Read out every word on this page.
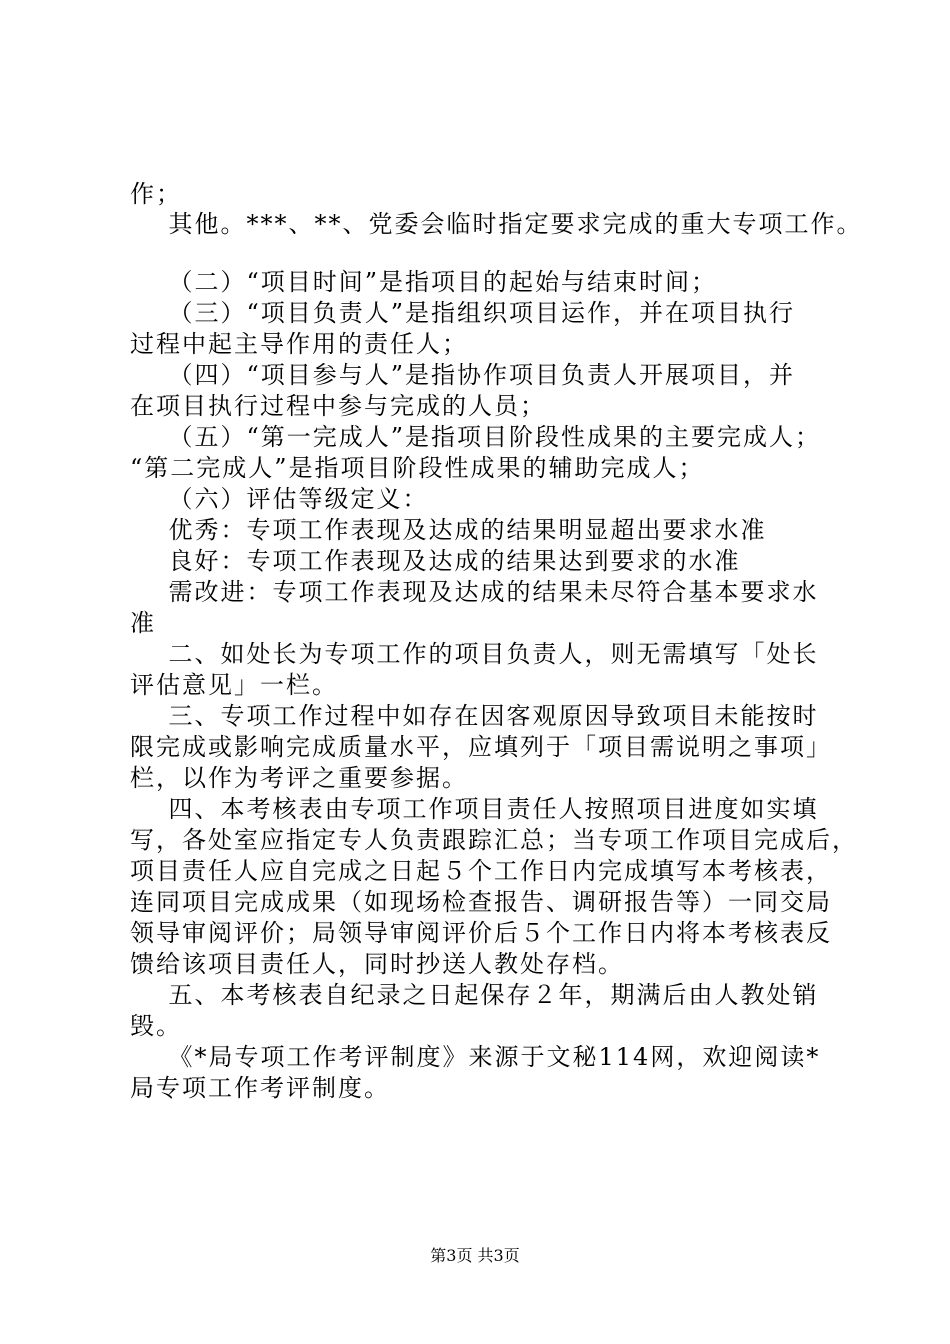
作；
其他。***、**、党委会临时指定要求完成的重大专项工作。
（二）“项目时间”是指项目的起始与结束时间；
（三）“项目负责人”是指组织项目运作，并在项目执行
过程中起主导作用的责任人；
（四）“项目参与人”是指协作项目负责人开展项目，并
在项目执行过程中参与完成的人员；
（五）“第一完成人”是指项目阶段性成果的主要完成人；
“第二完成人”是指项目阶段性成果的辅助完成人；
（六）评估等级定义：
优秀：专项工作表现及达成的结果明显超出要求水准
良好：专项工作表现及达成的结果达到要求的水准
需改进：专项工作表现及达成的结果未尽符合基本要求水
准
二、如处长为专项工作的项目负责人，则无需填写「处长
评估意见」一栏。
三、专项工作过程中如存在因客观原因导致项目未能按时
限完成或影响完成质量水平，应填列于「项目需说明之事项」
栏，以作为考评之重要参据。
四、本考核表由专项工作项目责任人按照项目进度如实填
写，各处室应指定专人负责跟踪汇总；当专项工作项目完成后，
项目责任人应自完成之日起５个工作日内完成填写本考核表，
连同项目完成成果（如现场检查报告、调研报告等）一同交局
领导审阅评价；局领导审阅评价后５个工作日内将本考核表反
馈给该项目责任人，同时抄送人教处存档。
五、本考核表自纪录之日起保存２年，期满后由人教处销
毁。
《*局专项工作考评制度》来源于文秘114网，欢迎阅读*
局专项工作考评制度。
第3页 共3页
